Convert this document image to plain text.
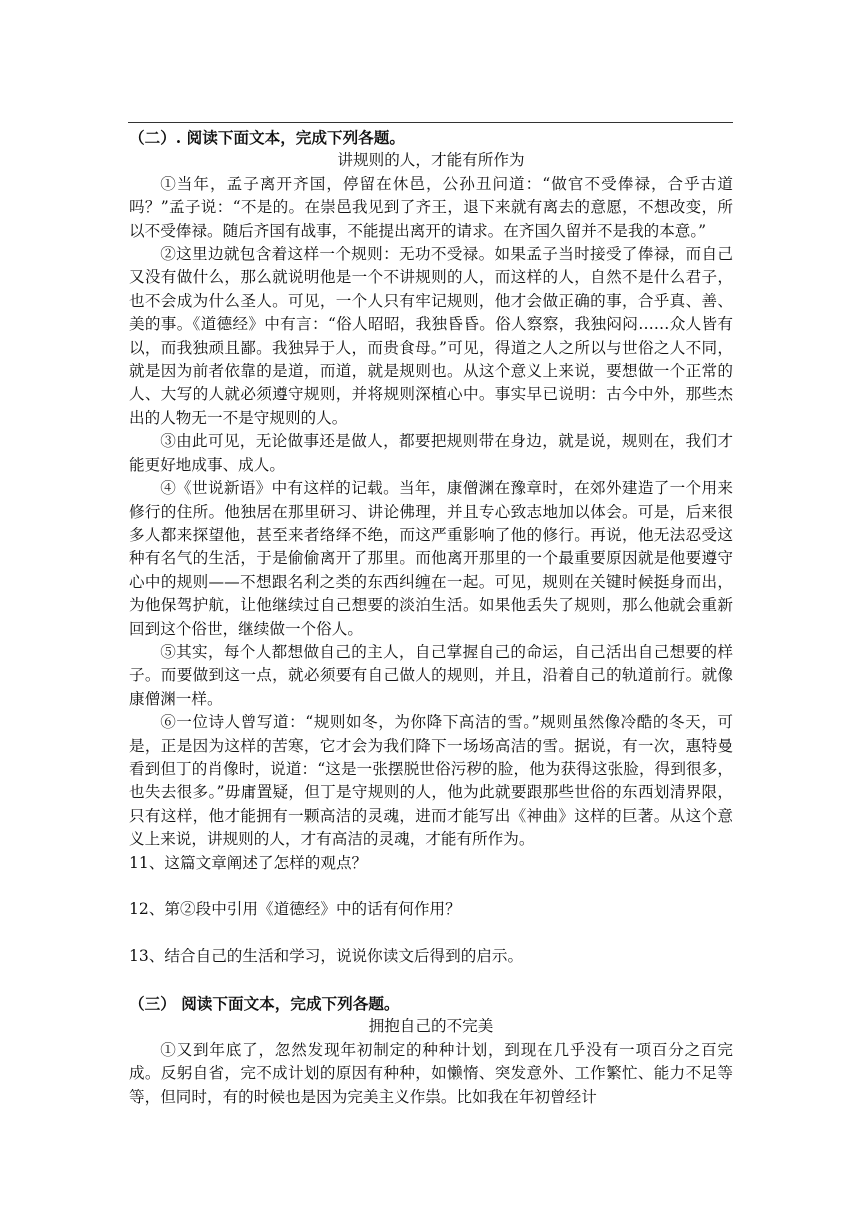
（二）. 阅读下面文本，完成下列各题。

讲规则的人，才能有所作为

①当年，孟子离开齐国，停留在休邑，公孙丑问道：“做官不受俸禄，合乎古道吗？”孟子说：“不是的。在崇邑我见到了齐王，退下来就有离去的意愿，不想改变，所以不受俸禄。随后齐国有战事，不能提出离开的请求。在齐国久留并不是我的本意。”

②这里边就包含着这样一个规则：无功不受禄。如果孟子当时接受了俸禄，而自己又没有做什么，那么就说明他是一个不讲规则的人，而这样的人，自然不是什么君子，也不会成为什么圣人。可见，一个人只有牢记规则，他才会做正确的事，合乎真、善、美的事。《道德经》中有言：“俗人昭昭，我独昏昏。俗人察察，我独闷闷……众人皆有以，而我独顽且鄙。我独异于人，而贵食母。”可见，得道之人之所以与世俗之人不同，就是因为前者依靠的是道，而道，就是规则也。从这个意义上来说，要想做一个正常的人、大写的人就必须遵守规则，并将规则深植心中。事实早已说明：古今中外，那些杰出的人物无一不是守规则的人。

③由此可见，无论做事还是做人，都要把规则带在身边，就是说，规则在，我们才能更好地成事、成人。

④《世说新语》中有这样的记载。当年，康僧渊在豫章时，在郊外建造了一个用来修行的住所。他独居在那里研习、讲论佛理，并且专心致志地加以体会。可是，后来很多人都来探望他，甚至来者络绎不绝，而这严重影响了他的修行。再说，他无法忍受这种有名气的生活，于是偷偷离开了那里。而他离开那里的一个最重要原因就是他要遵守心中的规则——不想跟名利之类的东西纠缠在一起。可见，规则在关键时候挺身而出，为他保驾护航，让他继续过自己想要的淡泊生活。如果他丢失了规则，那么他就会重新回到这个俗世，继续做一个俗人。

⑤其实，每个人都想做自己的主人，自己掌握自己的命运，自己活出自己想要的样子。而要做到这一点，就必须要有自己做人的规则，并且，沿着自己的轨道前行。就像康僧渊一样。

⑥一位诗人曾写道：“规则如冬，为你降下高洁的雪。”规则虽然像冷酷的冬天，可是，正是因为这样的苦寒，它才会为我们降下一场场高洁的雪。据说，有一次，惠特曼看到但丁的肖像时，说道：“这是一张摆脱世俗污秽的脸，他为获得这张脸，得到很多，也失去很多。”毋庸置疑，但丁是守规则的人，他为此就要跟那些世俗的东西划清界限，只有这样，他才能拥有一颗高洁的灵魂，进而才能写出《神曲》这样的巨著。从这个意义上来说，讲规则的人，才有高洁的灵魂，才能有所作为。

11、这篇文章阐述了怎样的观点？

12、第②段中引用《道德经》中的话有何作用？

13、结合自己的生活和学习，说说你读文后得到的启示。

（三） 阅读下面文本，完成下列各题。

拥抱自己的不完美

①又到年底了，忽然发现年初制定的种种计划，到现在几乎没有一项百分之百完成。反躬自省，完不成计划的原因有种种，如懒惰、突发意外、工作繁忙、能力不足等等，但同时，有的时候也是因为完美主义作祟。比如我在年初曾经计
